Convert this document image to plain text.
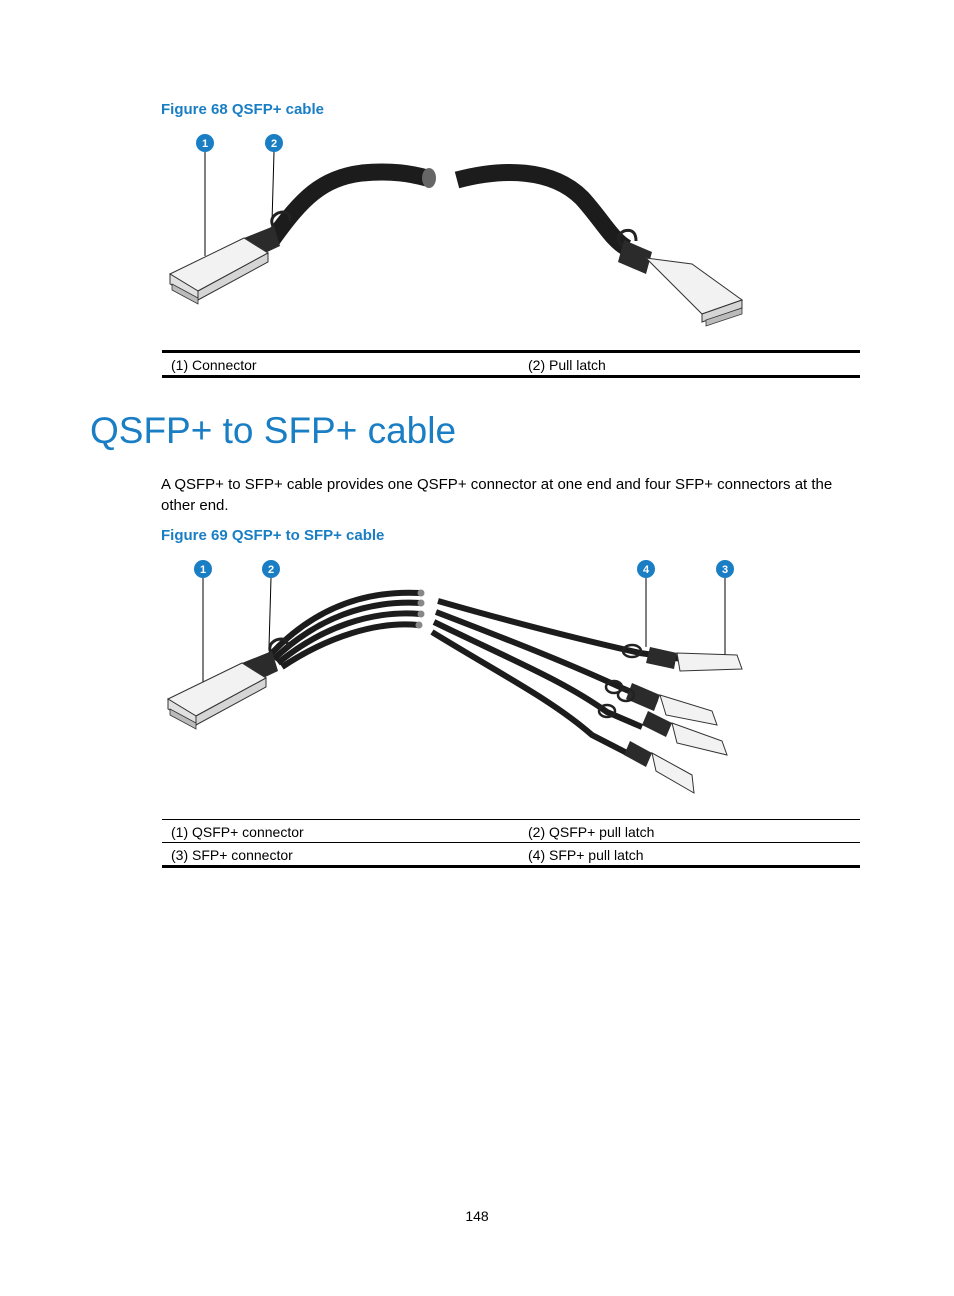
Figure 68 QSFP+ cable
1	2
(1) Connector	(2) Pull latch
QSFP+ to SFP+ cable

A QSFP+ to SFP+ cable provides one QSFP+ connector at one end and four SFP+ connectors at the other end.

Figure 69 QSFP+ to SFP+ cable
1	2	4	3
(1) QSFP+ connector	(2) QSFP+ pull latch
(3) SFP+ connector	(4) SFP+ pull latch
148
